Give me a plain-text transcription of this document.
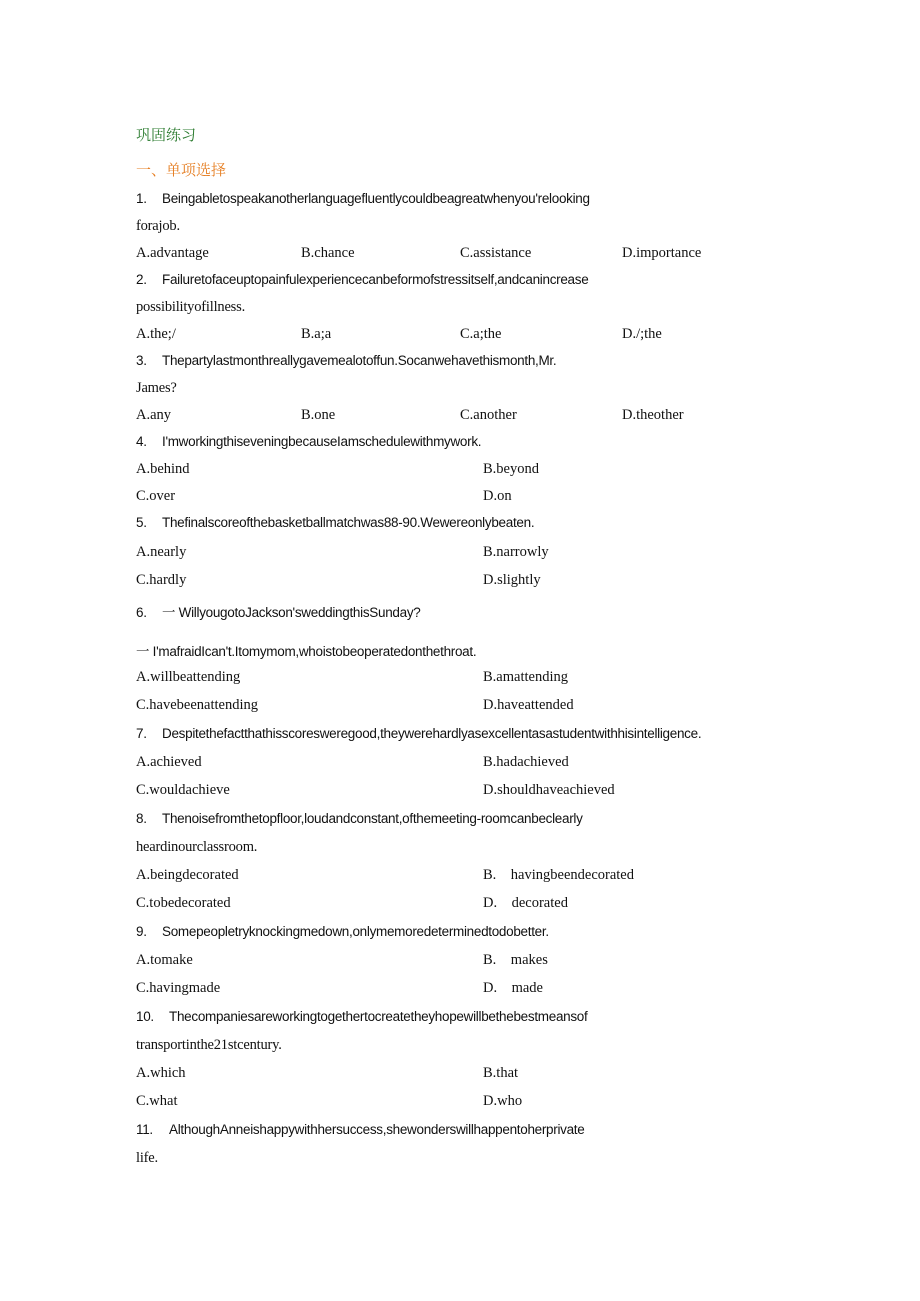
巩固练习
一、单项选择
1. Beingabletospeakanotherlanguagefluentlycouldbeagreatwhenyou'relooking
forajob.
A.advantage	B.chance	C.assistance	D.importance
2. Failuretofaceuptopainfulexperiencecanbeformofstressitself,andcanincrease
possibilityofillness.
A.the;/	B.a;a	C.a;the	D./;the
3. Thepartylastmonthreallygavemealotoffun.Socanwehavethismonth,Mr.
James?
A.any	B.one	C.another	D.theother
4. I'mworkingthiseveningbecauseIamschedulewithmywork.
A.behind	B.beyond
C.over	D.on
5. Thefinalscoreofthebasketballmatchwas88-90.Wewereonlybeaten.
A.nearly	B.narrowly
C.hardly	D.slightly
6. 一 WillyougotoJackson'sweddingthisSunday?
一 I'mafraidIcan't.Itomymom,whoistobeoperatedonthethroat.
A.willbeattending	B.amattending
C.havebeenattending	D.haveattended
7. Despitethefactthathisscoresweregood,theywerehardlyasexcellentasastudentwithhisintelligence.
A.achieved	B.hadachieved
C.wouldachieve	D.shouldhaveachieved
8. Thenoisefromthetopfloor,loudandconstant,ofthemeeting-roomcanbeclearly
heardinourclassroom.
A.beingdecorated	B.    havingbeendecorated
C.tobedecorated	D.    decorated
9. Somepeopletryknockingmedown,onlymemoredeterminedtodobetter.
A.tomake	B.    makes
C.havingmade	D.    made
10. Thecompaniesareworkingtogethertocreatetheyhopewillbethebestmeansof
transportinthe21stcentury.
A.which	B.that
C.what	D.who
11. AlthoughAnneishappywithhersuccess,shewonderswillhappentoherprivate
life.
